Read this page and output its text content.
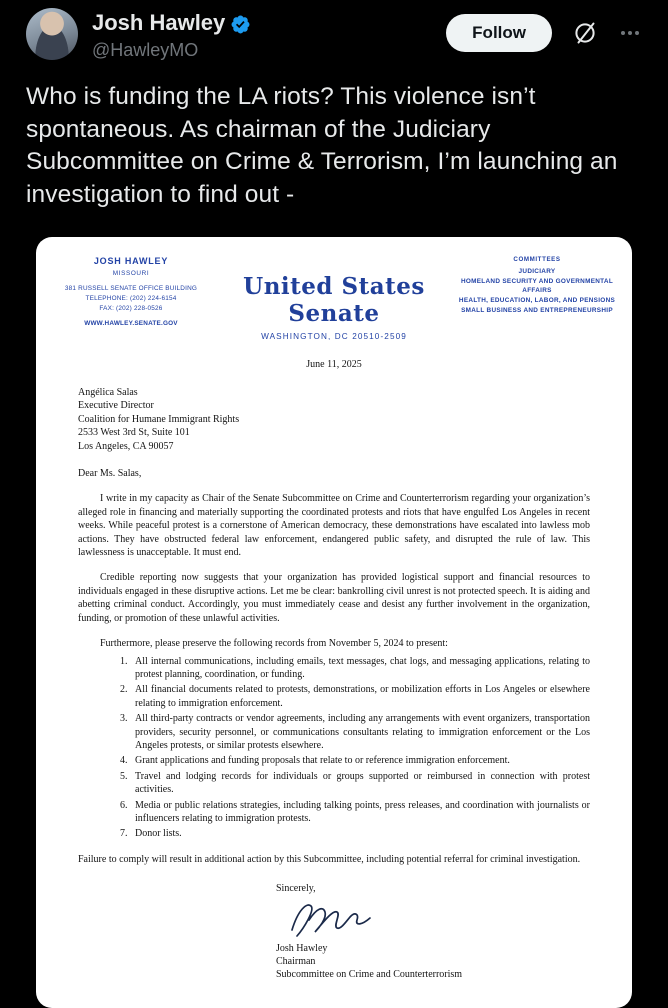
Josh Hawley
@HawleyMO
Follow
Who is funding the LA riots? This violence isn’t spontaneous. As chairman of the Judiciary Subcommittee on Crime & Terrorism, I’m launching an investigation to find out -
JOSH HAWLEY
MISSOURI
381 RUSSELL SENATE OFFICE BUILDING
TELEPHONE: (202) 224-6154
FAX: (202) 228-0526
WWW.HAWLEY.SENATE.GOV
United States Senate
WASHINGTON, DC 20510-2509
COMMITTEES
JUDICIARY
HOMELAND SECURITY AND GOVERNMENTAL AFFAIRS
HEALTH, EDUCATION, LABOR, AND PENSIONS
SMALL BUSINESS AND ENTREPRENEURSHIP
June 11, 2025
Angélica Salas
Executive Director
Coalition for Humane Immigrant Rights
2533 West 3rd St, Suite 101
Los Angeles, CA 90057
Dear Ms. Salas,

I write in my capacity as Chair of the Senate Subcommittee on Crime and Counterterrorism regarding your organization’s alleged role in financing and materially supporting the coordinated protests and riots that have engulfed Los Angeles in recent weeks. While peaceful protest is a cornerstone of American democracy, these demonstrations have escalated into lawless mob actions. They have obstructed federal law enforcement, endangered public safety, and disrupted the rule of law. This lawlessness is unacceptable. It must end.

Credible reporting now suggests that your organization has provided logistical support and financial resources to individuals engaged in these disruptive actions. Let me be clear: bankrolling civil unrest is not protected speech. It is aiding and abetting criminal conduct. Accordingly, you must immediately cease and desist any further involvement in the organization, funding, or promotion of these unlawful activities.

Furthermore, please preserve the following records from November 5, 2024 to present:

1. All internal communications, including emails, text messages, chat logs, and messaging applications, relating to protest planning, coordination, or funding.
2. All financial documents related to protests, demonstrations, or mobilization efforts in Los Angeles or elsewhere relating to immigration enforcement.
3. All third-party contracts or vendor agreements, including any arrangements with event organizers, transportation providers, security personnel, or communications consultants relating to immigration enforcement or the Los Angeles protests, or similar protests elsewhere.
4. Grant applications and funding proposals that relate to or reference immigration enforcement.
5. Travel and lodging records for individuals or groups supported or reimbursed in connection with protest activities.
6. Media or public relations strategies, including talking points, press releases, and coordination with journalists or influencers relating to immigration protests.
7. Donor lists.

Failure to comply will result in additional action by this Subcommittee, including potential referral for criminal investigation.

Sincerely,
Josh Hawley
Chairman
Subcommittee on Crime and Counterterrorism
